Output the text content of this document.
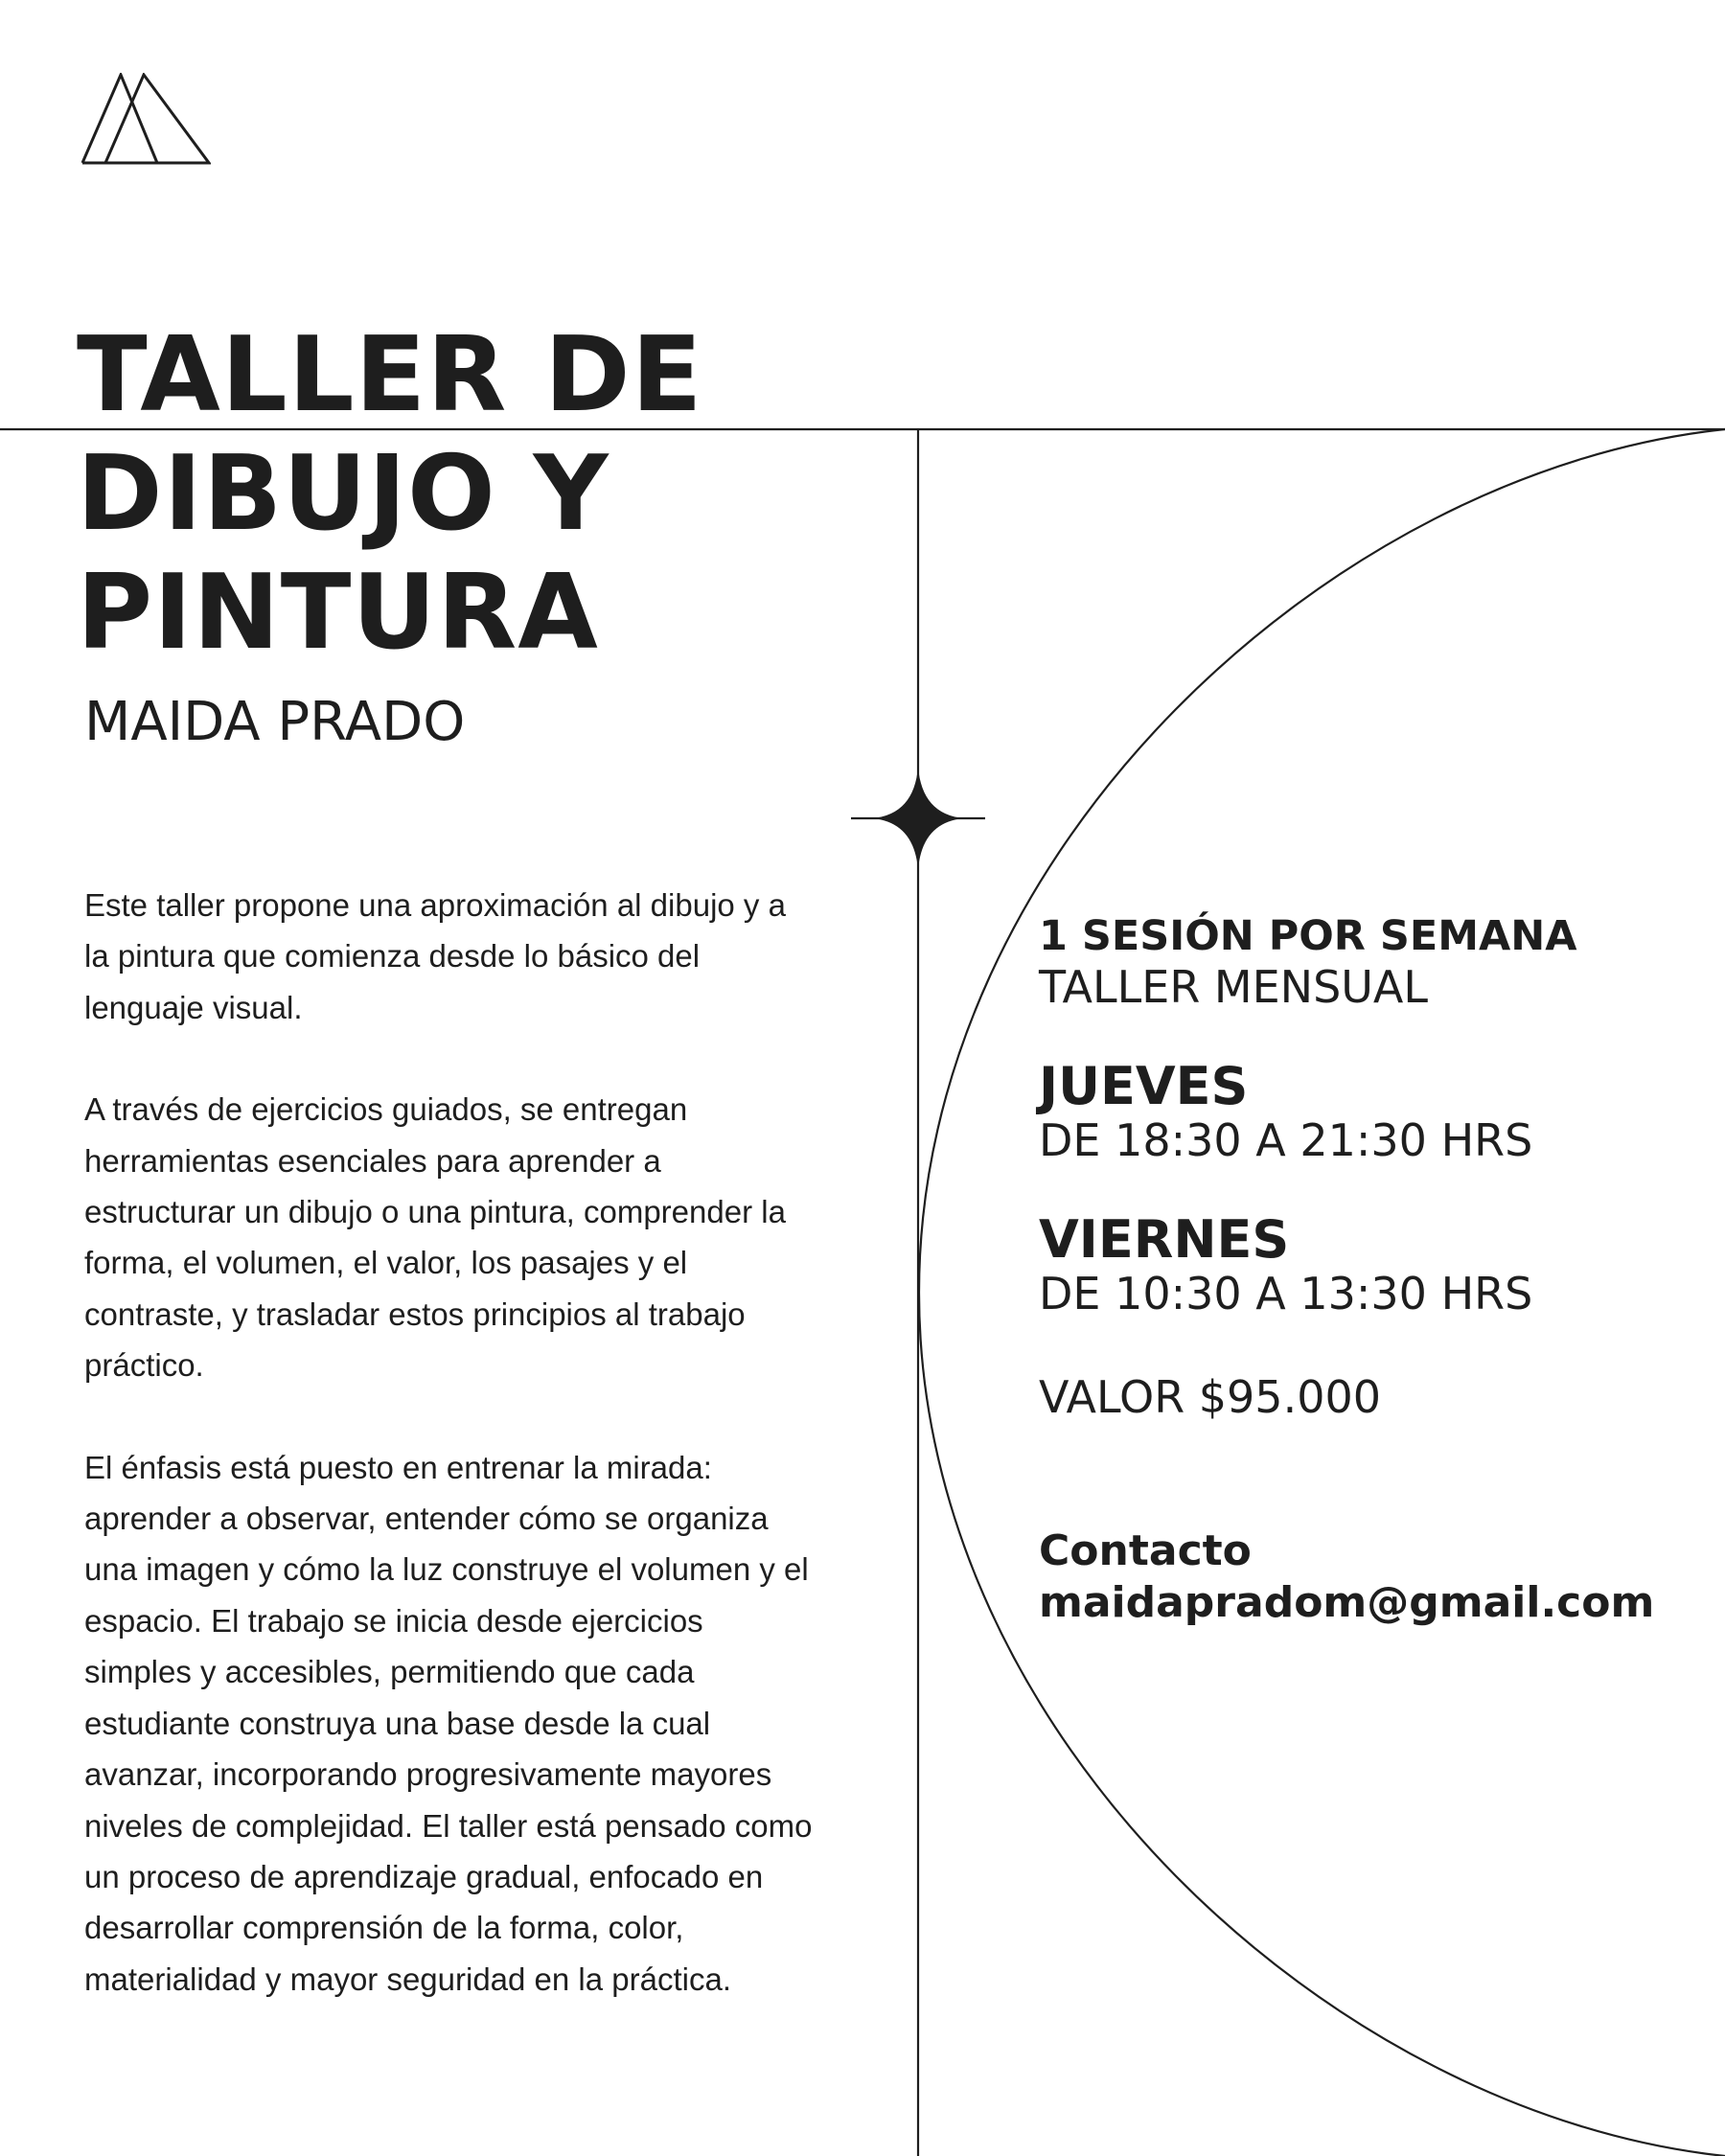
TALLER DE
DIBUJO Y
PINTURA
MAIDA PRADO

Este taller propone una aproximación al dibujo y a la pintura que comienza desde lo básico del lenguaje visual.

A través de ejercicios guiados, se entregan herramientas esenciales para aprender a estructurar un dibujo o una pintura, comprender la forma, el volumen, el valor, los pasajes y el contraste, y trasladar estos principios al trabajo práctico.

El énfasis está puesto en entrenar la mirada: aprender a observar, entender cómo se organiza una imagen y cómo la luz construye el volumen y el espacio. El trabajo se inicia desde ejercicios simples y accesibles, permitiendo que cada estudiante construya una base desde la cual avanzar, incorporando progresivamente mayores niveles de complejidad. El taller está pensado como un proceso de aprendizaje gradual, enfocado en desarrollar comprensión de la forma, color, materialidad y mayor seguridad en la práctica.

1 SESIÓN POR SEMANA
TALLER MENSUAL
JUEVES
DE 18:30 A 21:30 HRS
VIERNES
DE 10:30 A 13:30 HRS
VALOR $95.000
Contacto
maidapradom@gmail.com
